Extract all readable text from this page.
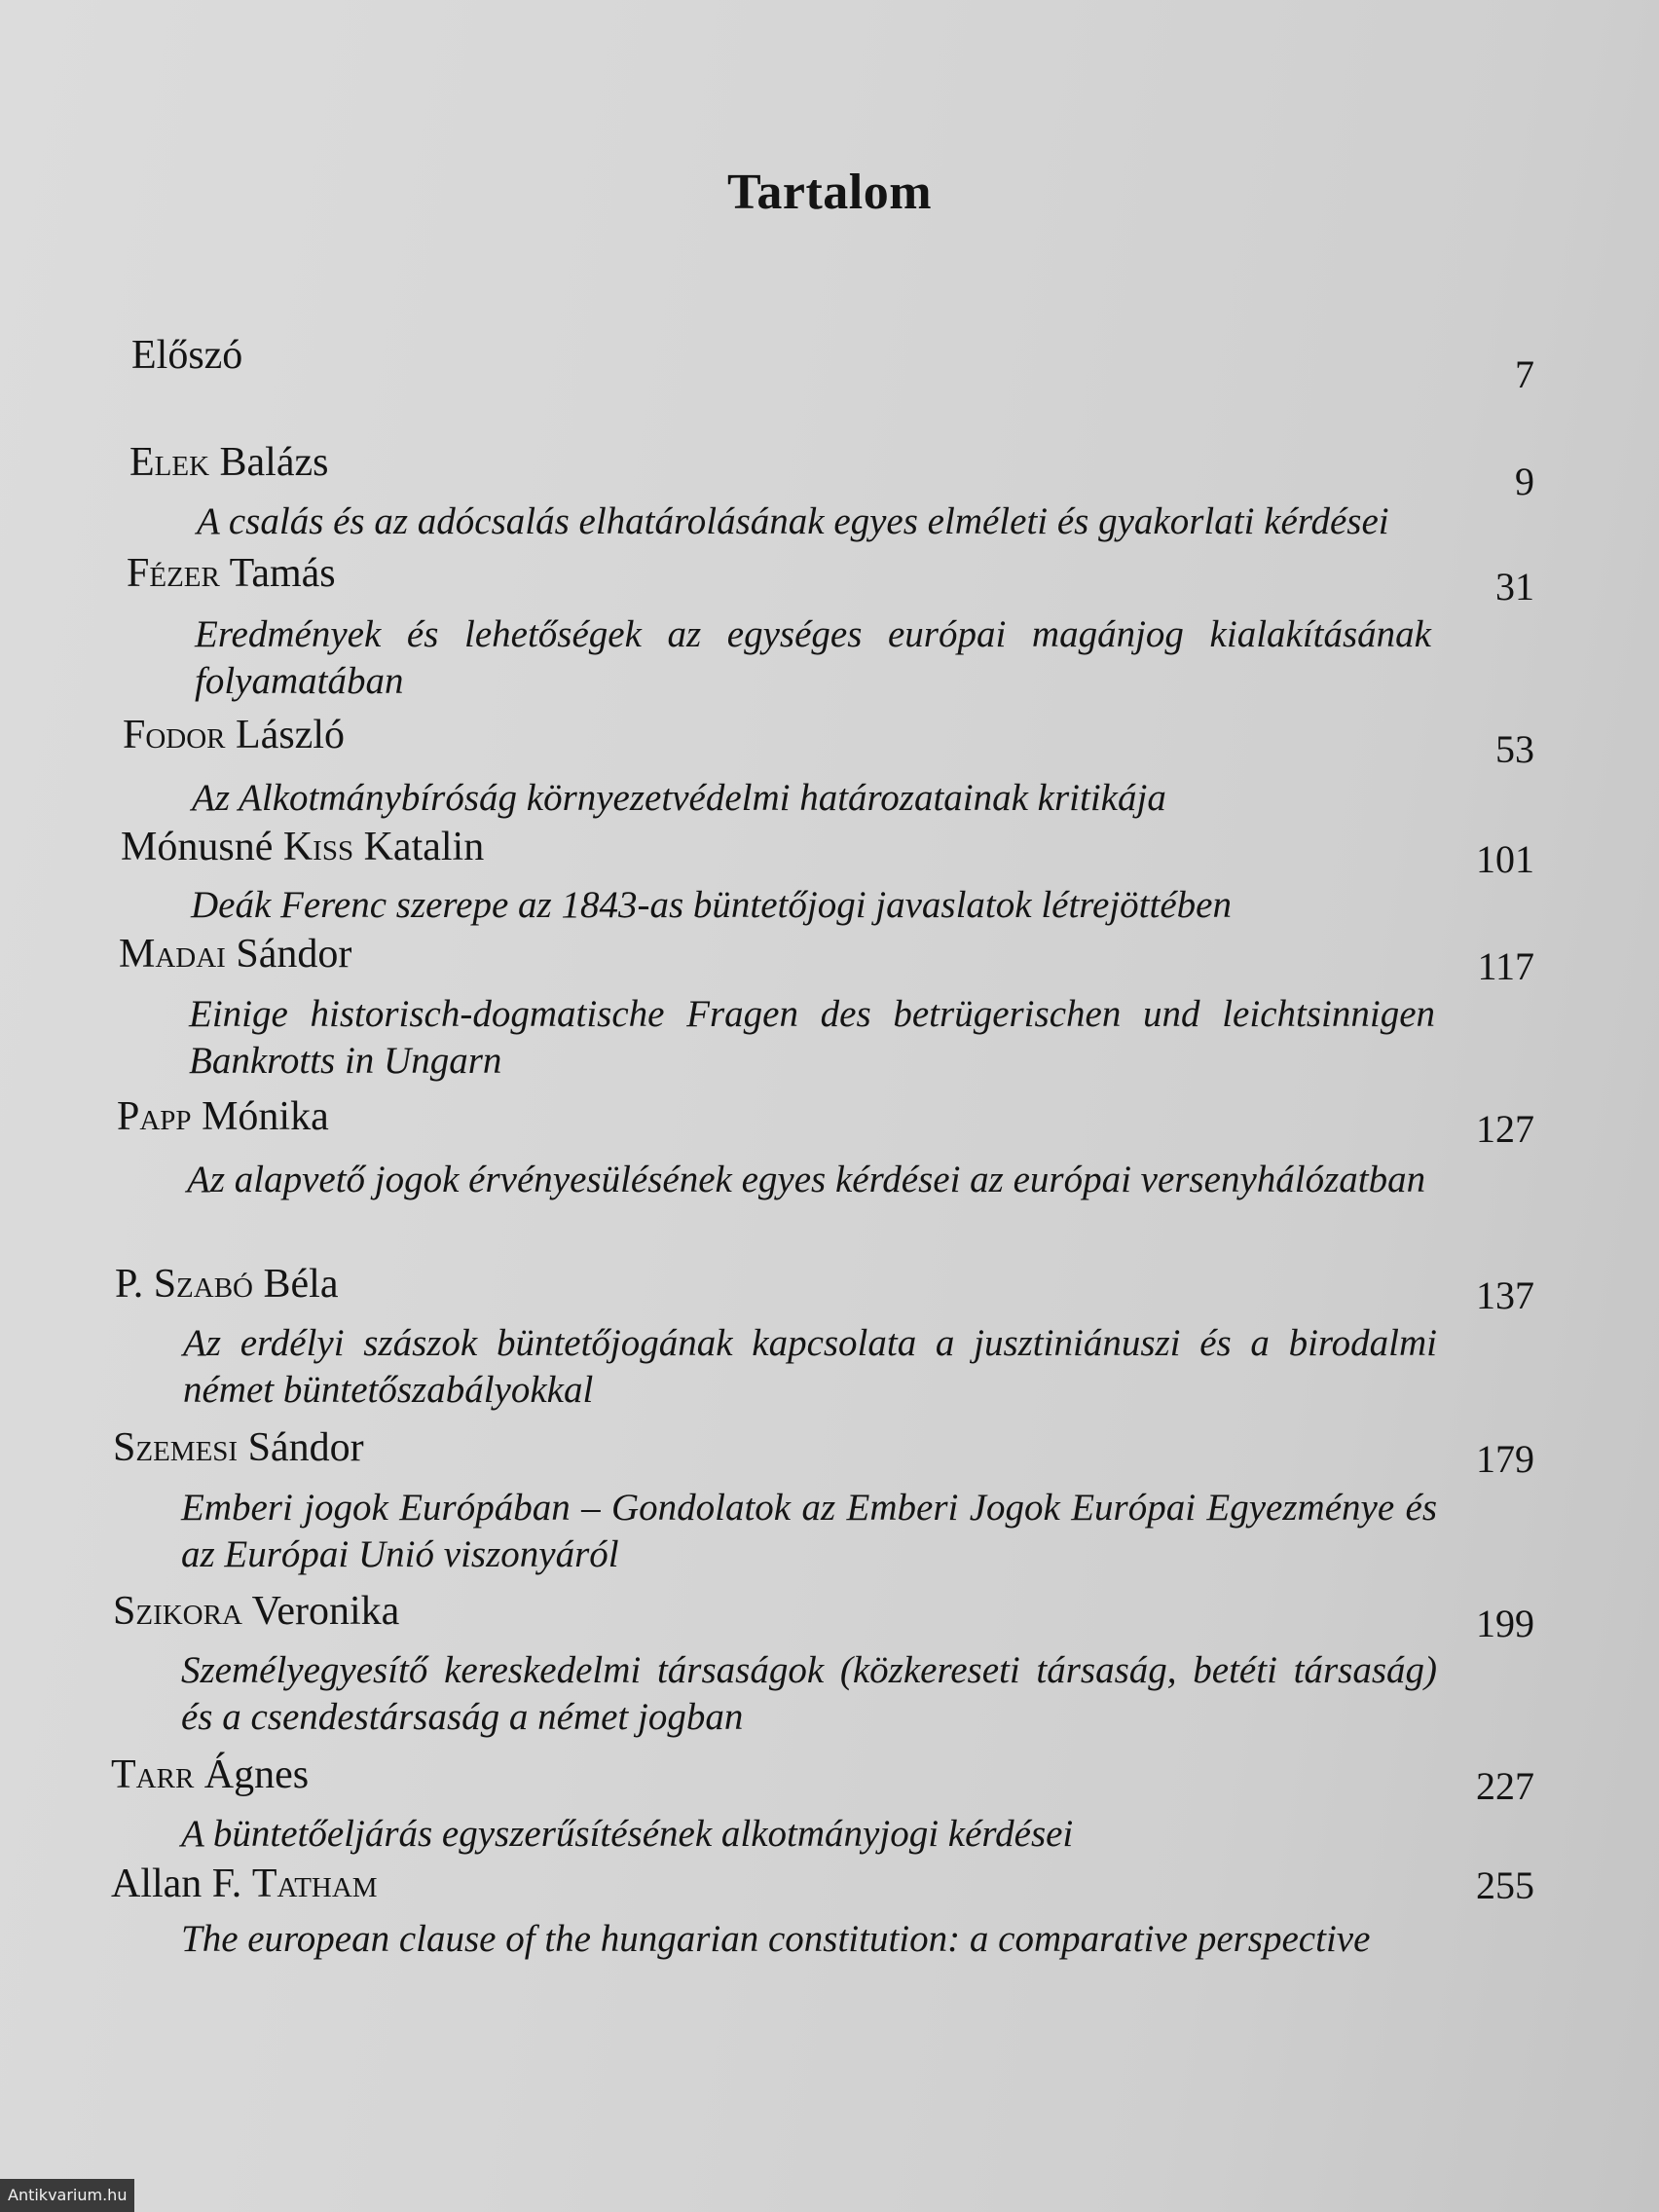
Tartalom
Előszó	7
Elek Balázs	9
A csalás és az adócsalás elhatárolásának egyes elméleti és gyakorlati kérdései
Fézer Tamás	31
Eredmények és lehetőségek az egységes európai magánjog kialakításának folyamatában
Fodor László	53
Az Alkotmánybíróság környezetvédelmi határozatainak kritikája
Mónusné Kiss Katalin	101
Deák Ferenc szerepe az 1843-as büntetőjogi javaslatok létrejöttében
Madai Sándor	117
Einige historisch-dogmatische Fragen des betrügerischen und leichtsinnigen Bankrotts in Ungarn
Papp Mónika	127
Az alapvető jogok érvényesülésének egyes kérdései az európai versenyhálózatban
P. Szabó Béla	137
Az erdélyi szászok büntetőjogának kapcsolata a jusztiniánuszi és a birodalmi német büntetőszabályokkal
Szemesi Sándor	179
Emberi jogok Európában – Gondolatok az Emberi Jogok Európai Egyezménye és az Európai Unió viszonyáról
Szikora Veronika	199
Személyegyesítő kereskedelmi társaságok (közkereseti társaság, betéti társaság) és a csendestársaság a német jogban
Tarr Ágnes	227
A büntetőeljárás egyszerűsítésének alkotmányjogi kérdései
Allan F. Tatham	255
The european clause of the hungarian constitution: a comparative perspective
Antikvarium.hu
